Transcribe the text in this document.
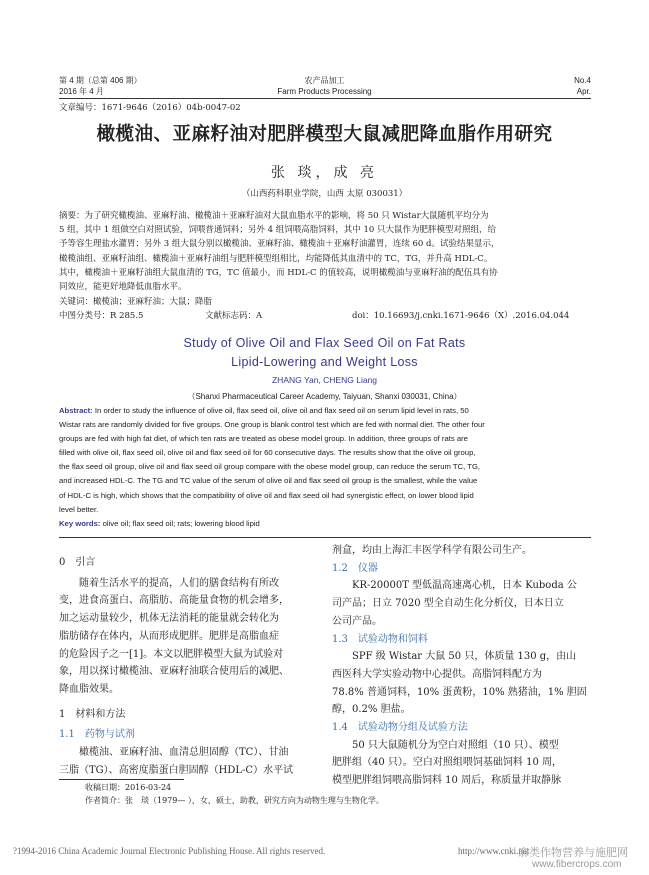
第 4 期（总第 406 期）
2016 年 4 月
农产品加工
Farm Products Processing
No.4
Apr.
文章编号：1671-9646（2016）04b-0047-02
橄榄油、亚麻籽油对肥胖模型大鼠减肥降血脂作用研究
张 琰，成 亮
（山西药科职业学院，山西 太原 030031）
摘要：为了研究橄榄油、亚麻籽油、橄榄油＋亚麻籽油对大鼠血脂水平的影响，将 50 只 Wistar大鼠随机平均分为
5 组，其中 1 组做空白对照试验，饲喂普通饲料；另外 4 组饲喂高脂饲料，其中 10 只大鼠作为肥胖模型对照组，给
予等容生理盐水灌胃；另外 3 组大鼠分别以橄榄油、亚麻籽油、橄榄油＋亚麻籽油灌胃，连续 60 d。试验结果显示，
橄榄油组、亚麻籽油组、橄榄油＋亚麻籽油组与肥胖模型组相比，均能降低其血清中的 TC，TG，并升高 HDL-C。
其中，橄榄油＋亚麻籽油组大鼠血清的 TG，TC 值最小，而 HDL-C 的值较高，说明橄榄油与亚麻籽油的配伍具有协
同效应，能更好地降低血脂水平。
关键词：橄榄油；亚麻籽油；大鼠；降脂
中图分类号：R 285.5	文献标志码：A	doi：10.16693/j.cnki.1671-9646（X）.2016.04.044
Study of Olive Oil and Flax Seed Oil on Fat Rats
Lipid-Lowering and Weight Loss
ZHANG Yan, CHENG Liang
（Shanxi Pharmaceutical Career Academy, Taiyuan, Shanxi 030031, China）
Abstract: In order to study the influence of olive oil, flax seed oil, olive oil and flax seed oil on serum lipid level in rats, 50
Wistar rats are randomly divided for five groups. One group is blank control test which are fed with normal diet. The other four
groups are fed with high fat diet, of which ten rats are treated as obese model group. In addition, three groups of rats are
filled with olive oil, flax seed oil, olive oil and flax seed oil for 60 consecutive days. The results show that the olive oil group,
the flax seed oil group, olive oil and flax seed oil group compare with the obese model group, can reduce the serum TC, TG,
and increased HDL-C. The TG and TC value of the serum of olive oil and flax seed oil group is the smallest, while the value
of HDL-C is high, which shows that the compatibility of olive oil and flax seed oil had synergistic effect, on lower blood lipid
level better.
Key words: olive oil; flax seed oil; rats; lowering blood lipid
0　引言
　　随着生活水平的提高，人们的膳食结构有所改
变，进食高蛋白、高脂肪、高能量食物的机会增多，
加之运动量较少，机体无法消耗的能量就会转化为
脂肪储存在体内，从而形成肥胖。肥胖是高脂血症
的危险因子之一[1]。本文以肥胖模型大鼠为试验对
象，用以探讨橄榄油、亚麻籽油联合使用后的减肥、
降血脂效果。
1　材料和方法
1.1　药物与试剂
　　橄榄油、亚麻籽油、血清总胆固醇（TC）、甘油
三脂（TG）、高密度脂蛋白胆固醇（HDL-C）水平试
剂盒，均由上海汇丰医学科学有限公司生产。
1.2　仪器
　　KR-20000T 型低温高速离心机，日本 Kuboda 公
司产品；日立 7020 型全自动生化分析仪，日本日立
公司产品。
1.3　试验动物和饲料
　　SPF 级 Wistar 大鼠 50 只，体质量 130 g，由山
西医科大学实验动物中心提供。高脂饲料配方为
78.8% 普通饲料，10% 蛋黄粉，10% 熟猪油，1% 胆固
醇，0.2% 胆盐。
1.4　试验动物分组及试验方法
　　50 只大鼠随机分为空白对照组（10 只）、模型
肥胖组（40 只）。空白对照组喂饲基础饲料 10 周，
模型肥胖组饲喂高脂饲料 10 周后，称质量并取静脉
收稿日期：2016-03-24
作者简介：张　琰（1979— ），女，硕士，助教，研究方向为动物生理与生物化学。
?1994-2016 China Academic Journal Electronic Publishing House. All rights reserved.	http://www.cnki.net
麻类作物营养与施肥网
www.fibercrops.com
